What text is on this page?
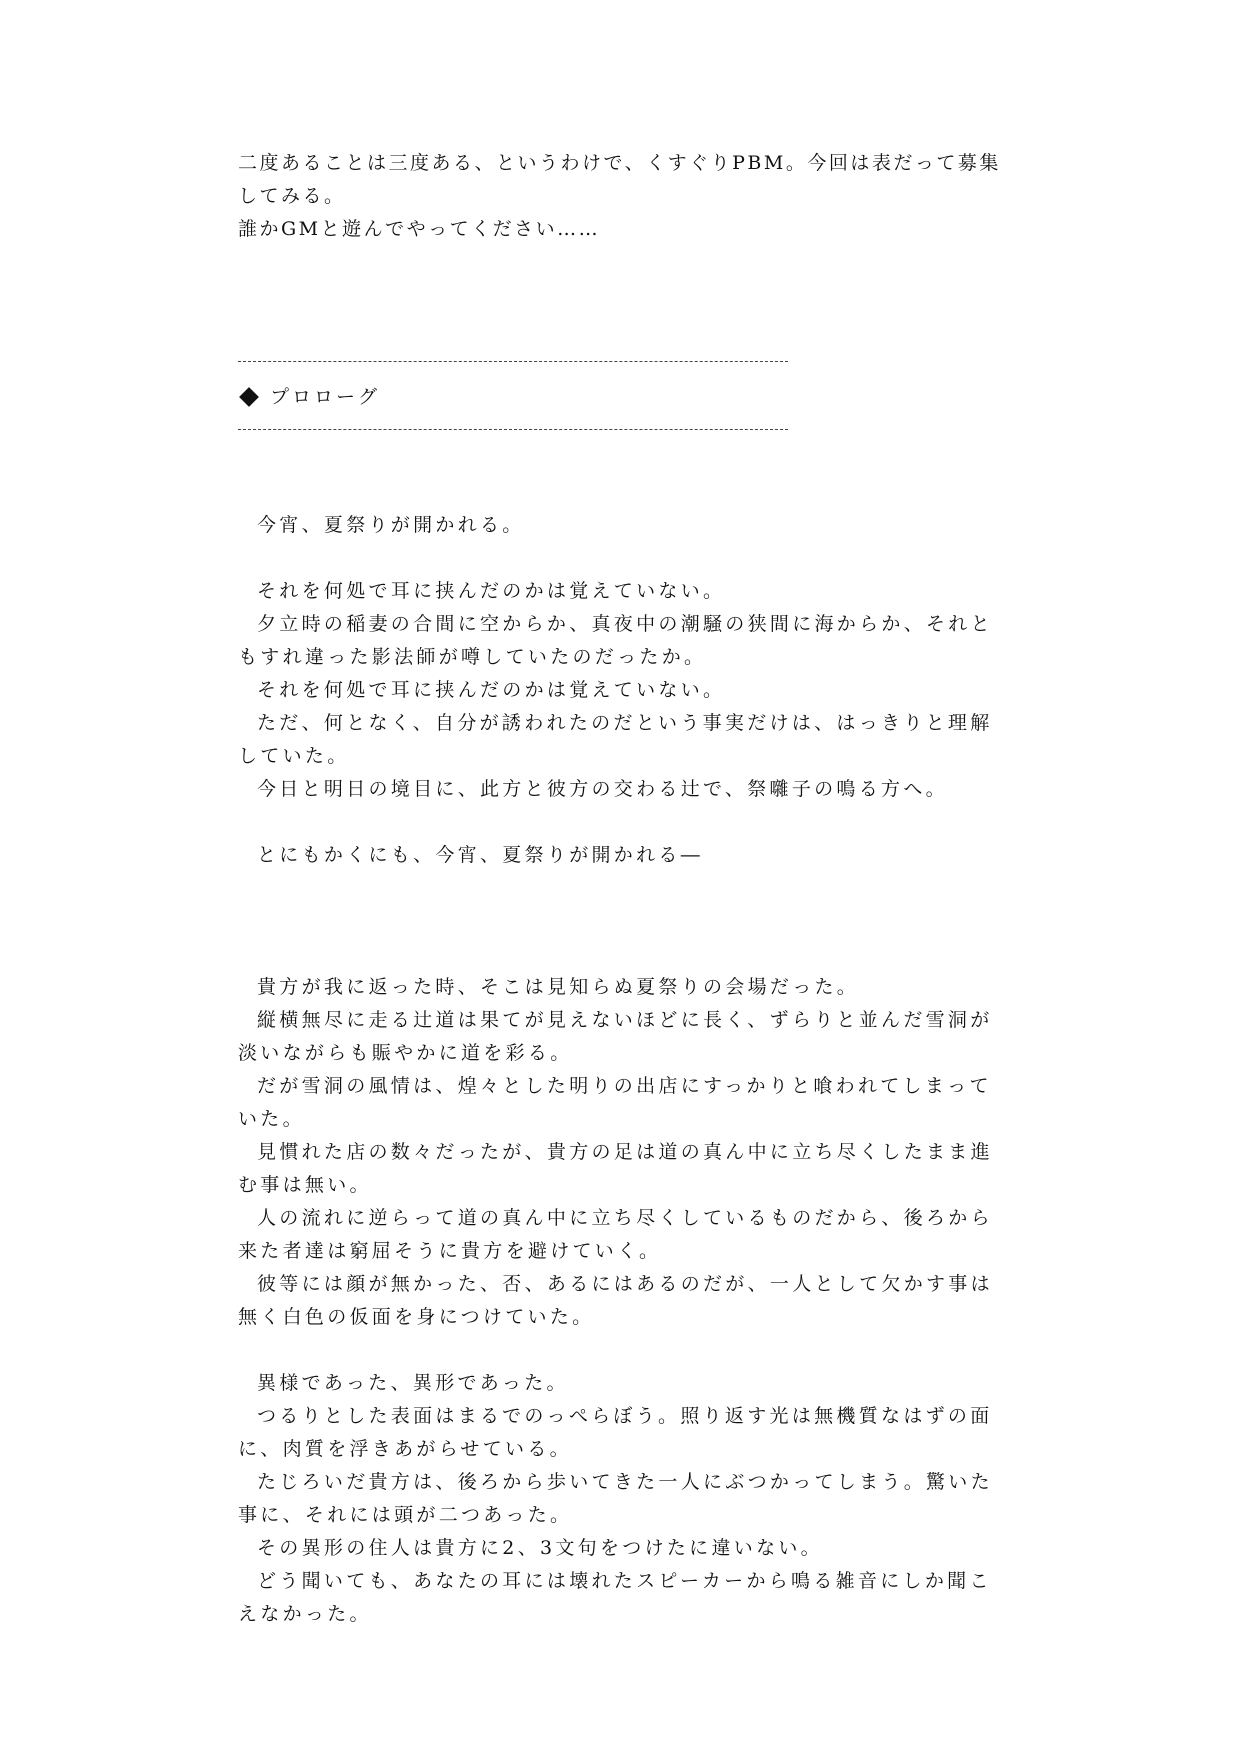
二度あることは三度ある、というわけで、くすぐりPBM。今回は表だって募集してみる。

誰かGMと遊んでやってください……

プロローグ

今宵、夏祭りが開かれる。

それを何処で耳に挟んだのかは覚えていない。

夕立時の稲妻の合間に空からか、真夜中の潮騒の狭間に海からか、それともすれ違った影法師が噂していたのだったか。

それを何処で耳に挟んだのかは覚えていない。

ただ、何となく、自分が誘われたのだという事実だけは、はっきりと理解していた。

今日と明日の境目に、此方と彼方の交わる辻で、祭囃子の鳴る方へ。

とにもかくにも、今宵、夏祭りが開かれる―

貴方が我に返った時、そこは見知らぬ夏祭りの会場だった。

縦横無尽に走る辻道は果てが見えないほどに長く、ずらりと並んだ雪洞が淡いながらも賑やかに道を彩る。

だが雪洞の風情は、煌々とした明りの出店にすっかりと喰われてしまっていた。

見慣れた店の数々だったが、貴方の足は道の真ん中に立ち尽くしたまま進む事は無い。

人の流れに逆らって道の真ん中に立ち尽くしているものだから、後ろから来た者達は窮屈そうに貴方を避けていく。

彼等には顔が無かった、否、あるにはあるのだが、一人として欠かす事は無く白色の仮面を身につけていた。

異様であった、異形であった。

つるりとした表面はまるでのっぺらぼう。照り返す光は無機質なはずの面に、肉質を浮きあがらせている。

たじろいだ貴方は、後ろから歩いてきた一人にぶつかってしまう。驚いた事に、それには頭が二つあった。

その異形の住人は貴方に2、3文句をつけたに違いない。

どう聞いても、あなたの耳には壊れたスピーカーから鳴る雑音にしか聞こえなかった。
